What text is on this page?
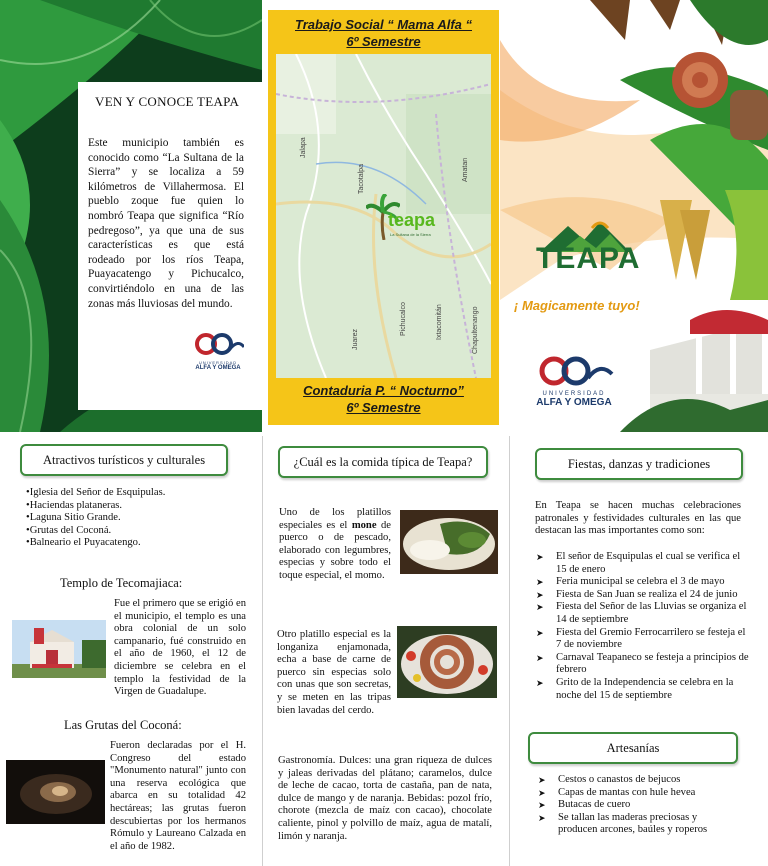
VEN Y CONOCE TEAPA
Este municipio también es conocido como “La Sultana de la Sierra” y se localiza a 59 kilómetros de Villahermosa. El pueblo zoque fue quien lo nombró Teapa que significa “Río pedregoso”, ya que una de sus características es que está rodeado por los ríos Teapa, Puayacatengo y Pichucalco, convirtiéndolo en una de las zonas más lluviosas del mundo.
UNIVERSIDAD
ALFA Y OMEGA
Trabajo Social “ Mama Alfa “
6º Semestre
Jalapa
Tacotalpa	Amatan
Juarez
Pichucalco	Ixtacomitán	Chapultenango
teapa
La Sultana de la Sierra
Contaduria P. “ Nocturno”
6º Semestre
TEAPA
¡ Magicamente tuyo!
UNIVERSIDAD
ALFA Y OMEGA
Atractivos turísticos y culturales
•Iglesia del Señor de Esquipulas.
•Haciendas plataneras.
•Laguna Sitio Grande.
•Grutas del Coconá.
•Balneario el Puyacatengo.
Templo de Tecomajiaca:
Fue el primero que se erigió en el municipio, el templo es una obra colonial de un solo campanario, fué construido en el año de 1960, el 12 de diciembre se celebra en el templo la festividad de la Virgen de Guadalupe.
Las Grutas del Coconá:
Fueron declaradas por el H. Congreso del estado "Monumento natural" junto con una reserva ecológica que abarca en su totalidad 42 hectáreas; las grutas fueron descubiertas por los hermanos Rómulo y Laureano Calzada en el año de 1982.
¿Cuál es la comida típica de Teapa?
Uno de los platillos especiales es el mone de puerco o de pescado, elaborado con legumbres, especias y sobre todo el toque especial, el momo.
Otro platillo especial es la longaniza enjamonada, echa a base de carne de puerco sin especias solo con unas que son secretas, y se meten en las tripas bien lavadas del cerdo.
Gastronomía. Dulces: una gran riqueza de dulces y jaleas derivadas del plátano; caramelos, dulce de leche de cacao, torta de castaña, pan de nata, dulce de mango y de naranja. Bebidas: pozol frío, chorote (mezcla de maíz con cacao), chocolate caliente, pinol y polvillo de maíz, agua de matalí, limón y naranja.
Fiestas, danzas y tradiciones
En Teapa se hacen muchas celebraciones patronales y festividades culturales en las que destacan las mas importantes como son:
➤ El señor de Esquipulas el cual se verifica el 15 de enero
➤ Feria municipal se celebra el 3 de mayo
➤ Fiesta de San Juan se realiza el 24 de junio
➤ Fiesta del Señor de las Lluvias se organiza el 14 de septiembre
➤ Fiesta del Gremio Ferrocarrilero se festeja el 7 de noviembre
➤ Carnaval Teapaneco se festeja a principios de febrero
➤ Grito de la Independencia se celebra en la noche del 15 de septiembre
Artesanías
➤ Cestos o canastos de bejucos
➤ Capas de mantas con hule hevea
➤ Butacas de cuero
➤ Se tallan las maderas preciosas y producen arcones, baúles y roperos
